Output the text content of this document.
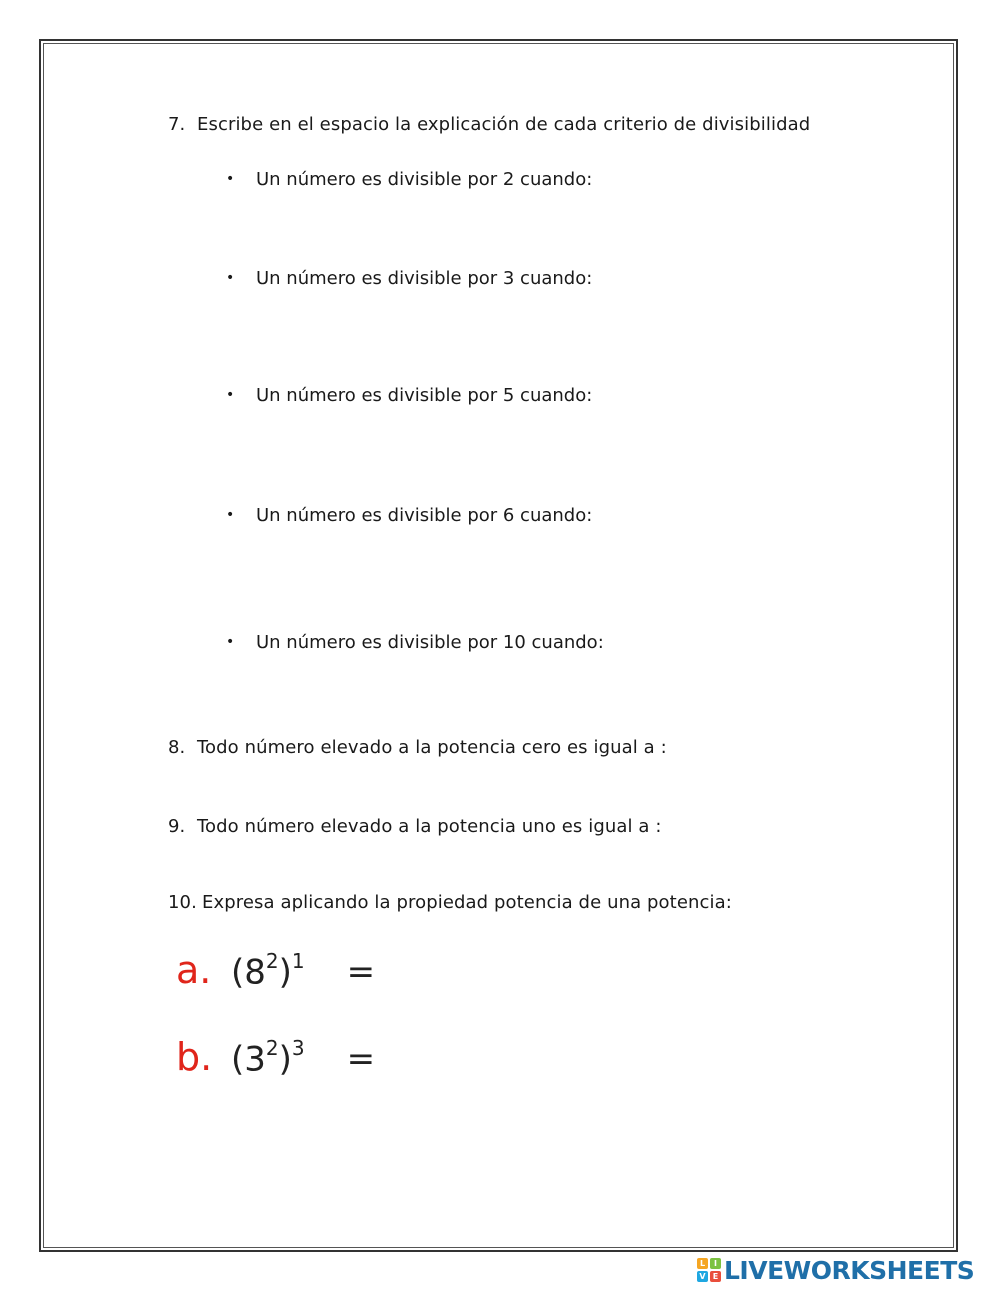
7. Escribe en el espacio la explicación de cada criterio de divisibilidad
• Un número es divisible por 2 cuando:
• Un número es divisible por 3 cuando:
• Un número es divisible por 5 cuando:
• Un número es divisible por 6 cuando:
• Un número es divisible por 10 cuando:
8. Todo número elevado a la potencia cero es igual a :
9. Todo número elevado a la potencia uno es igual a :
10. Expresa aplicando la propiedad potencia de una potencia:
a. $(8^2)^1$ =
b. $(3^2)^3$ =
L	I
V E LIVEWORKSHEETS
